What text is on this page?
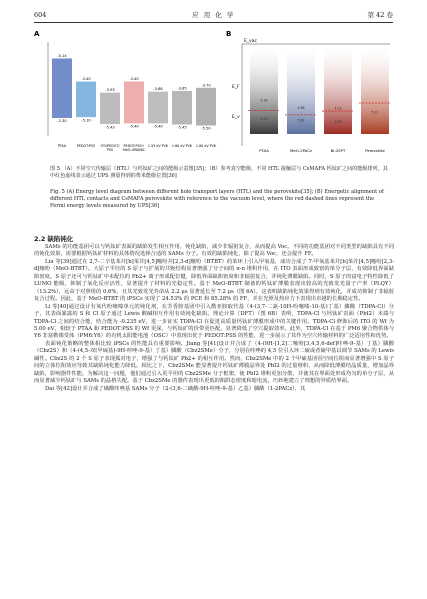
604	应 用 化 学	第 42 卷
A
-5.14
-2.30
PTAA
-3.40
-5.10
PEDOT:PSS
-3.93
-5.43
ITO/PEDOT/
PSS
-3.40
-5.40
PEDOT:PSS+
MeO-4PADBC
-3.88
-5.40
1.53 eV PVK
-3.85
-5.45
1.60 eV PVK
-3.70
-5.50
1.80 eV PVK
B
E_vac
E_F
E_v
PTAA	MeO-2PACz	Br-2EPT	Perovskite
4.34
4.88	4.93
5.21
5.70	5.82	5.93
图 5 （A）不同空穴传输层（HTL）与钙钛矿之间的能级示意图[35]；（B）参考真空能级，不同 HTL 接触层与 CsMAFA 钙钛矿之间的能级排列，其中红色虚线表示通过 UPS 测量得到的费米能级位置[36]
Fig. 5 (A) Energy level diagram between different hole transport layers (HTL) and the perovskite[35]; (B) Energetic alignment of different HTL contacts and CsMAFA perovskite with reference to the vacuum level, where the red dashed lines represent the Fermi energy levels measured by UPS[36]
2.2 缺陷钝化

SAMs 的功能基团可以与钙钛矿表面的缺陷发生相互作用，钝化缺陷，减少非辐射复合，从而提高 Voc。不同的功能基团对不同类型的缺陷具有不同的钝化效果，需要根据钙钛矿材料的具体情况选择合适的 SAMs 分子。有效的缺陷钝化，除了提高 Voc，还会提升 FF。

Liu 等[39]通过在 2,7-二辛基苯并[b]苯并[4,5]噻吩并[2,3-d]噻吩（BTBT）的苯环上引入甲氧基，成功合成了 7-甲氧基苯并[b]苯并[4,5]噻吩[2,3-d]噻吩（MeO-BTBT）。大原子半径的 S 原子与扩展的共轭结构显著增强了分子间的 π-π 堆积作用，在 ITO 表面形成致密的单分子层，有效降低界面缺陷密度。S 原子还可与钙钛矿中未配位的 Pb2+ 离子形成配位键，降低界面缺陷密度和非辐射复合，并钝化薄膜缺陷。同时，S 原子的富电子特性降低了 LUMO 能级，抑制了氧化反应活性，显著提升了材料的光稳定性。基于 MeO-BTBT 制备的钙钛矿薄膜表现出较高的光致发光量子产率（PLQY）（13.2%），远高于对照组的 0.6%，且其光致发光寿命从 2.2 μs 显著延长至 7.2 μs（图 6A），这表明缺陷钝化效果得到有效钝化，并成功抑制了非辐射复合过程。因此，基于 MeO-BTBT 的 iPSCs 实现了 24.53% 的 PCE 和 85.28% 的 FF，并在光照及热应力下表现出卓越的长期稳定性。

Li 等[40]通过设计有氧代吩噻嗪单元的钝化剂，在芳香胺基团中引入酰亚胺取代基（4-(3,7-二氯-10H-吩噻嗪-10-基)丁基）膦酸（TDPA-Cl）分子，其表面暴露的 S 和 Cl 原子通过 Lewis 酸碱相互作用有效钝化缺陷。理论计算（DFT）（图 6B）表明，TDPA-Cl 与钙钛矿表面（PbI2）末端与 TDPA-Cl 之间的结合能，结合能为 -0.235 eV，进一步证实 TDPA-Cl 在促进高质量钙钛矿薄膜形成中的关键作用。TDPA-Cl 修饰后的 ITO 的 Wf 为 5.00 eV，相较于 PTAA 和 PEDOT:PSS 的 Wf 更深，与钙钛矿的价带更匹配，显著降低了空穴提取效率。此外，TDPA-Cl 在基于 PM6 聚合物供体与 Y6 非富勒烯受体（PM6:Y6）的有机太阳能电池（OSC）中表现出优于 PEDOT:PSS 的性能，进一步展示了其作为空穴传输材料的广泛适用性和优势。

表面钝化策略的整体相比较 iPSCs 的性能具有重要影响。Jiang 等[41]设计并合成了（4-(9H-[1,2]二噻吩[3,4,5,6-def]咔唑-9-基）丁基）膦酸（Cbz2S）和（4-(4,5-双(甲硫基)-9H-咔唑-9-基）丁基）膦酸（Cbz2SMe）分子，分别在咔唑的 4,5 位引入环二硫或者硫甲基以调节 SAMs 的 Lewis 碱性。Cbz2S 的 2 个 S 原子表现孤对电子，增强了与钙钛矿 Pb2+ 的相互作用。然而，Cbz2SMe 中的 2 个甲硫基团因空间位阻而显著增强中 S 原子间的立体位阻效应导致其缺陷钝化能力降低。相比之下，Cbz2SMe 能显著提升钙钛矿薄膜晶界处 PbI2 的过量堆积，从而降低薄膜结晶质量，增加晶界缺陷，影响器件性能。为解决这一问题，他们通过引入更平坦的 Cbz2SMe 分子框架，使 PbI2 堆积更加分散，并使其在界面处形成均匀的单分子层，从而显著减少钙钛矿与 SAMs 的晶格失配。基于 Cbz2SMe 的器件表现出更低的陷阱态密度和暗电流，巧妙地建立了理想的异质结界面。

Dai 等[42]设计并合成了磺酸咔唑基 SAMs 分子（2-(3,6-二磺酸-9H-咔唑-9-基）乙基）膦酸（1-2PACz），其
